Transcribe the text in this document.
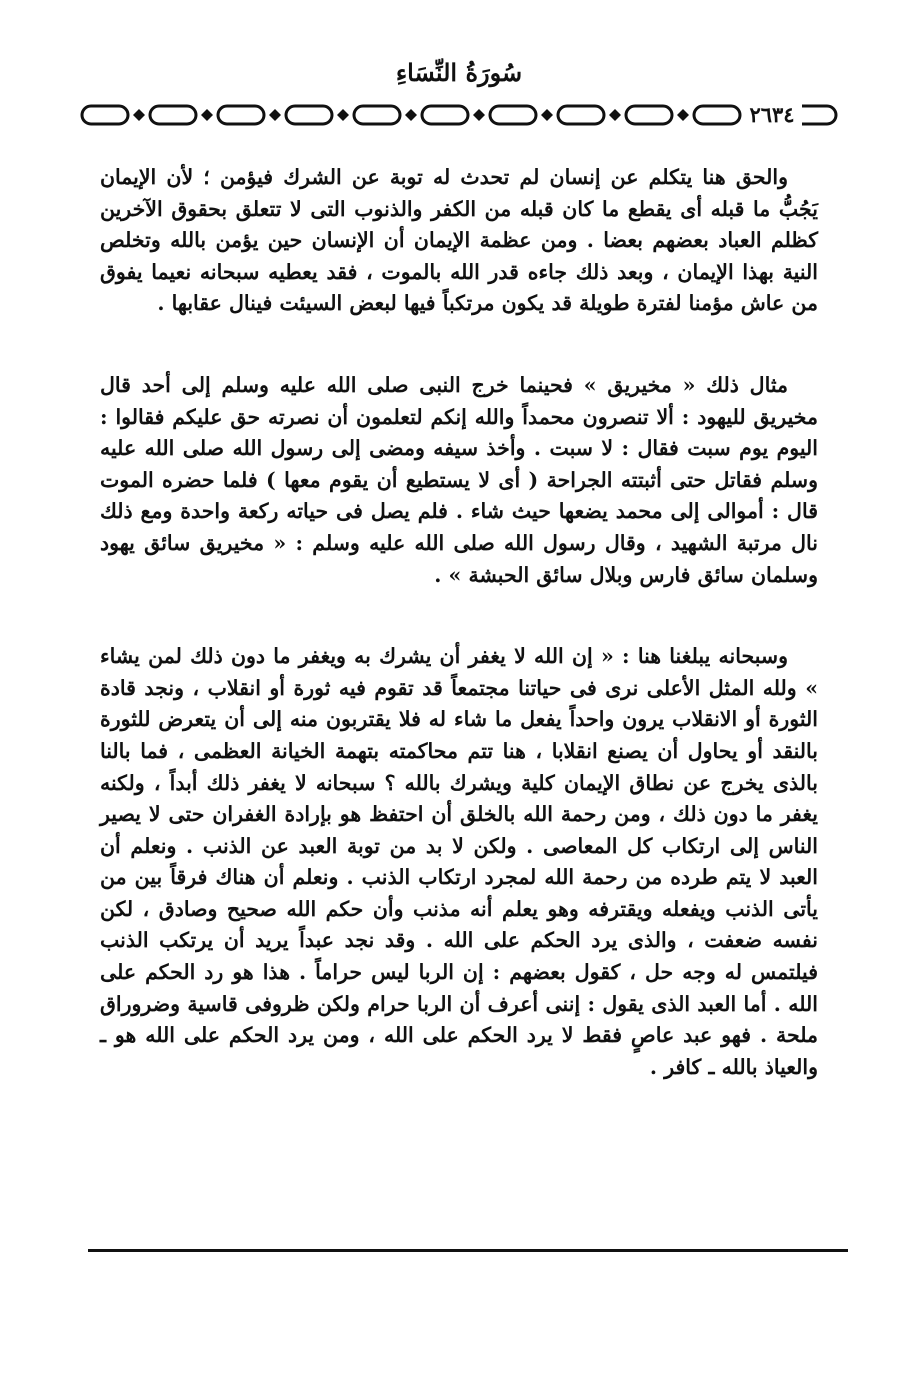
سُورَةُ النِّسَاءِ
٢٦٣٤

والحق هنا يتكلم عن إنسان لم تحدث له توبة عن الشرك فيؤمن ؛ لأن الإيمان يَجُبُّ ما قبله أى يقطع ما كان قبله من الكفر والذنوب التى لا تتعلق بحقوق الآخرين كظلم العباد بعضهم بعضا . ومن عظمة الإيمان أن الإنسان حين يؤمن بالله وتخلص النية بهذا الإيمان ، وبعد ذلك جاءه قدر الله بالموت ، فقد يعطيه سبحانه نعيما يفوق من عاش مؤمنا لفترة طويلة قد يكون مرتكباً فيها لبعض السيئت فينال عقابها .

مثال ذلك « مخيريق » فحينما خرج النبى صلى الله عليه وسلم إلى أحد قال مخيريق لليهود : ألا تنصرون محمداً والله إنكم لتعلمون أن نصرته حق عليكم فقالوا : اليوم يوم سبت فقال : لا سبت . وأخذ سيفه ومضى إلى رسول الله صلى الله عليه وسلم فقاتل حتى أثبتته الجراحة ( أى لا يستطيع أن يقوم معها ) فلما حضره الموت قال : أموالى إلى محمد يضعها حيث شاء . فلم يصل فى حياته ركعة واحدة ومع ذلك نال مرتبة الشهيد ، وقال رسول الله صلى الله عليه وسلم : « مخيريق سائق يهود وسلمان سائق فارس وبلال سائق الحبشة » .

وسبحانه يبلغنا هنا : « إن الله لا يغفر أن يشرك به ويغفر ما دون ذلك لمن يشاء » ولله المثل الأعلى نرى فى حياتنا مجتمعاً قد تقوم فيه ثورة أو انقلاب ، ونجد قادة الثورة أو الانقلاب يرون واحداً يفعل ما شاء له فلا يقتربون منه إلى أن يتعرض للثورة بالنقد أو يحاول أن يصنع انقلابا ، هنا تتم محاكمته بتهمة الخيانة العظمى ، فما بالنا بالذى يخرج عن نطاق الإيمان كلية ويشرك بالله ؟ سبحانه لا يغفر ذلك أبداً ، ولكنه يغفر ما دون ذلك ، ومن رحمة الله بالخلق أن احتفظ هو بإرادة الغفران حتى لا يصير الناس إلى ارتكاب كل المعاصى . ولكن لا بد من توبة العبد عن الذنب . ونعلم أن العبد لا يتم طرده من رحمة الله لمجرد ارتكاب الذنب . ونعلم أن هناك فرقاً بين من يأتى الذنب ويفعله ويقترفه وهو يعلم أنه مذنب وأن حكم الله صحيح وصادق ، لكن نفسه ضعفت ، والذى يرد الحكم على الله . وقد نجد عبداً يريد أن يرتكب الذنب فيلتمس له وجه حل ، كقول بعضهم : إن الربا ليس حراماً . هذا هو رد الحكم على الله . أما العبد الذى يقول : إننى أعرف أن الربا حرام ولكن ظروفى قاسية وضروراق ملحة . فهو عبد عاصٍ فقط لا يرد الحكم على الله ، ومن يرد الحكم على الله هو ـ والعياذ بالله ـ كافر .
